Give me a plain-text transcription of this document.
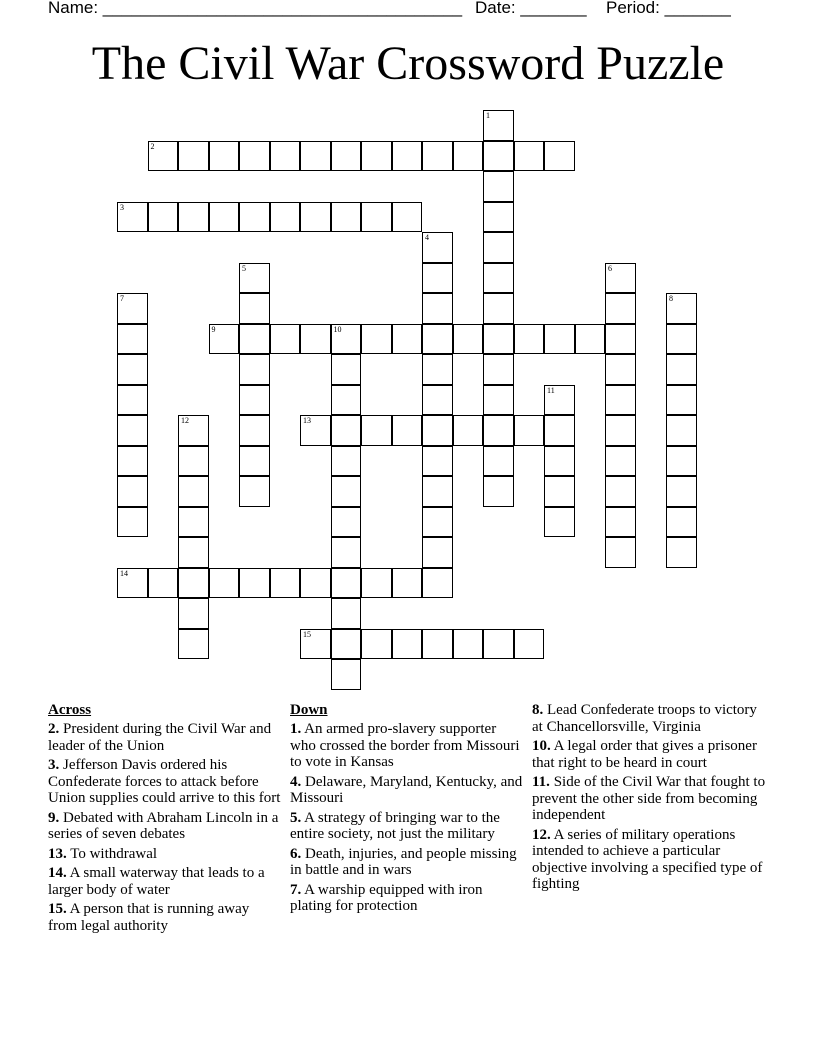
Name: ______________________________________ Date: _______ Period: _______
The Civil War Crossword Puzzle
1
2
3
4
5	6
7	8
9	10
11
12	13
14
15
Across
2. President during the Civil War and leader of the Union
3. Jefferson Davis ordered his Confederate forces to attack before Union supplies could arrive to this fort
9. Debated with Abraham Lincoln in a series of seven debates
13. To withdrawal
14. A small waterway that leads to a larger body of water
15. A person that is running away from legal authority
Down
1. An armed pro-slavery supporter who crossed the border from Missouri to vote in Kansas
4. Delaware, Maryland, Kentucky, and Missouri
5. A strategy of bringing war to the entire society, not just the military
6. Death, injuries, and people missing in battle and in wars
7. A warship equipped with iron plating for protection
8. Lead Confederate troops to victory at Chancellorsville, Virginia
10. A legal order that gives a prisoner that right to be heard in court
11. Side of the Civil War that fought to prevent the other side from becoming independent
12. A series of military operations intended to achieve a particular objective involving a specified type of fighting
